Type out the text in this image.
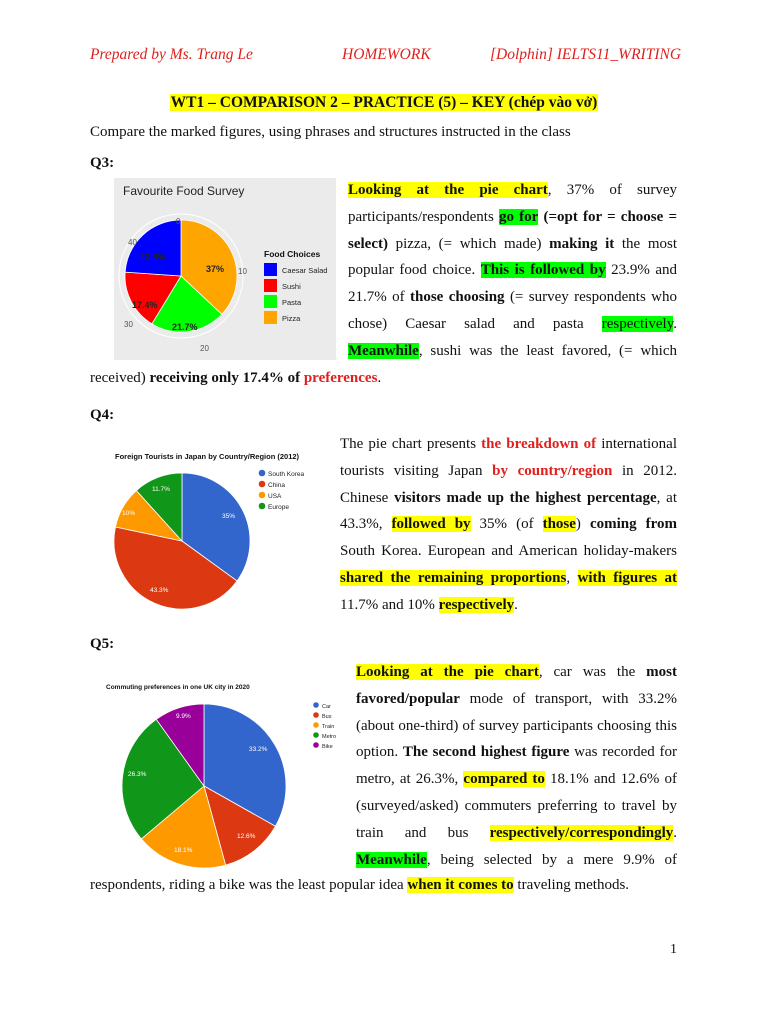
Prepared by Ms. Trang Le	HOMEWORK	[Dolphin] IELTS11_WRITING
WT1 – COMPARISON 2 – PRACTICE (5) – KEY (chép vào vở)
Compare the marked figures, using phrases and structures instructed in the class
Q3:
Favourite Food Survey
0
10
20
30
40
23.9%
17.4%
21.7%
37%
Food Choices
Caesar Salad
Sushi
Pasta
Pizza
Looking at the pie chart, 37% of survey
participants/respondents go for (=opt for = choose =
select) pizza, (= which made) making it the most
popular food choice. This is followed by 23.9% and
21.7% of those choosing (= survey respondents who
chose) Caesar salad and pasta respectively.
Meanwhile, sushi was the least favored, (= which
received) receiving only 17.4% of preferences.
Q4:
Foreign Tourists in Japan by Country/Region (2012)
35%
43.3%
10%
11.7%
South Korea
China
USA
Europe
The pie chart presents the breakdown of international
tourists visiting Japan by country/region in 2012.
Chinese visitors made up the highest percentage, at
43.3%, followed by 35% (of those) coming from
South Korea. European and American holiday-makers
shared the remaining proportions, with figures at
11.7% and 10% respectively.
Q5:
Commuting preferences in one UK city in 2020
33.2%
12.6%
18.1%
26.3%
9.9%
Car
Bus
Train
Metro
Bike
Looking at the pie chart, car was the most
favored/popular mode of transport, with 33.2%
(about one-third) of survey participants choosing this
option. The second highest figure was recorded for
metro, at 26.3%, compared to 18.1% and 12.6% of
(surveyed/asked) commuters preferring to travel by
train and bus respectively/correspondingly.
Meanwhile, being selected by a mere 9.9% of
respondents, riding a bike was the least popular idea when it comes to traveling methods.
1
